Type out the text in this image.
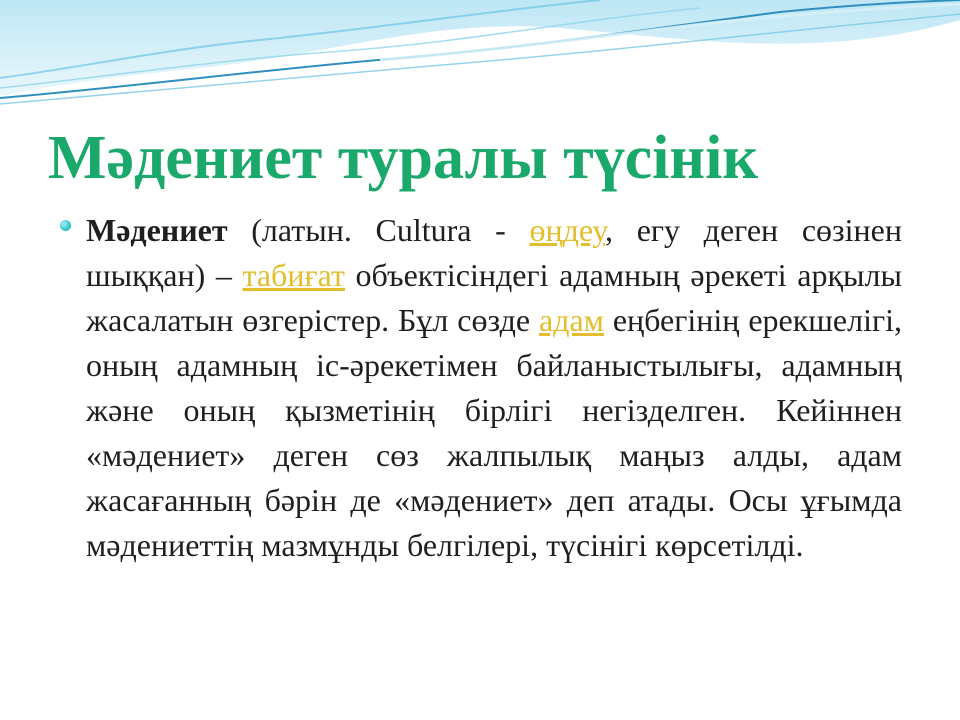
Мәдениет туралы түсінік

Мәдениет (латын. Cultura - өңдеу, егу деген сөзінен шыққан) – табиғат объектісіндегі адамның әрекеті арқылы жасалатын өзгерістер. Бұл сөзде адам еңбегінің ерекшелігі, оның адамның іс-әрекетімен байланыстылығы, адамның және оның қызметінің бірлігі негізделген. Кейіннен «мәдениет» деген сөз жалпылық маңыз алды, адам жасағанның бәрін де «мәдениет» деп атады. Осы ұғымда мәдениеттің мазмұнды белгілері, түсінігі көрсетілді.
